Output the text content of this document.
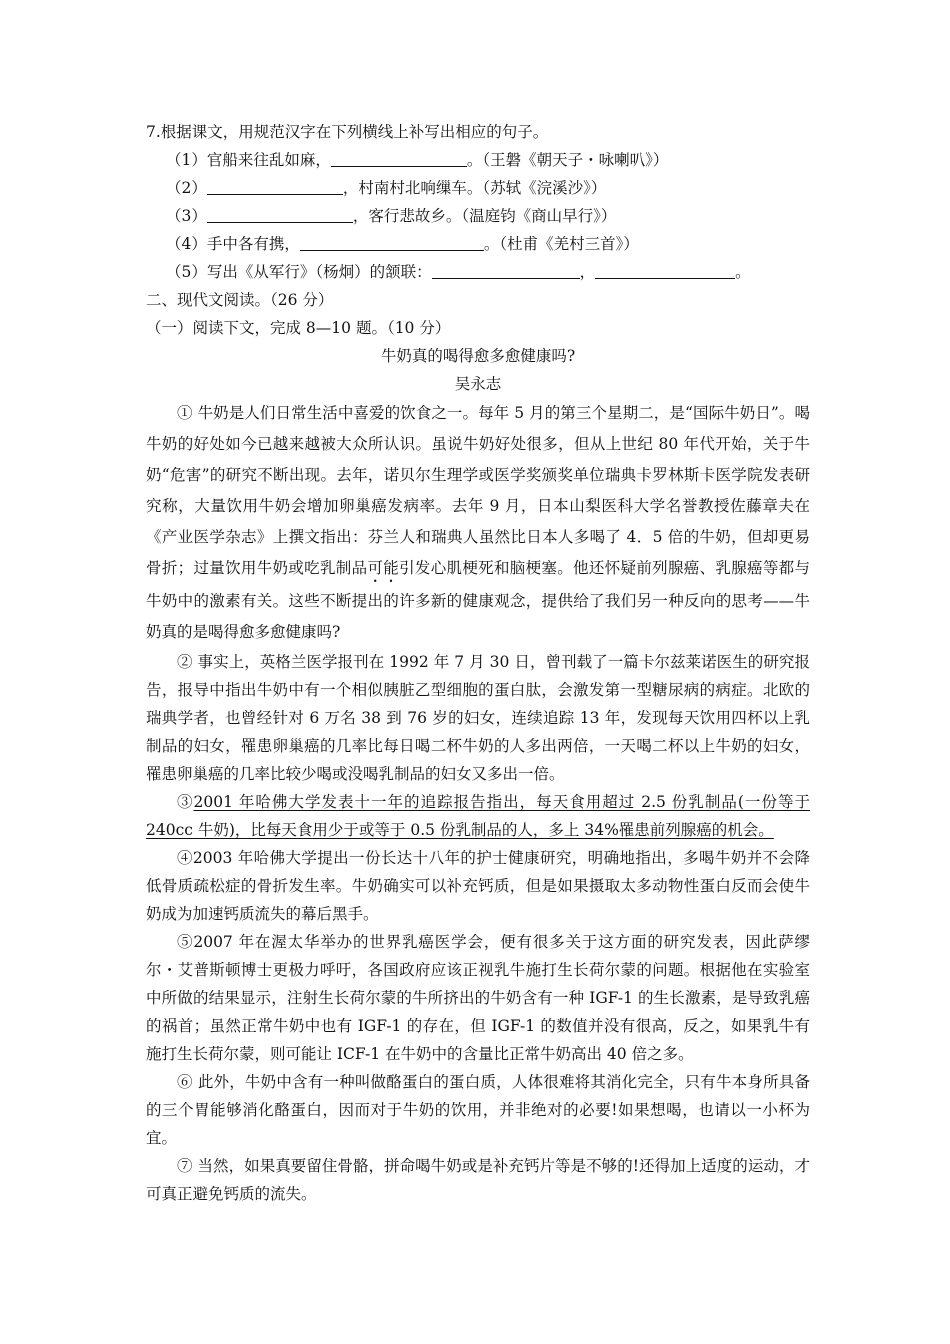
7.根据课文，用规范汉字在下列横线上补写出相应的句子。
（1）官船来往乱如麻，	。（王磐《朝天子・咏喇叭》）
（2）	，村南村北响缫车。（苏轼《浣溪沙》）
（3）	，客行悲故乡。（温庭钧《商山早行》）
（4）手中各有携，	。（杜甫《羌村三首》）
（5）写出《从军行》（杨炯）的颔联：	，	。
二、现代文阅读。（26 分）
（一）阅读下文，完成 8—10 题。（10 分）
牛奶真的喝得愈多愈健康吗?
吴永志

① 牛奶是人们日常生活中喜爱的饮食之一。每年 5 月的第三个星期二，是“国际牛奶日”。喝牛奶的好处如今已越来越被大众所认识。虽说牛奶好处很多，但从上世纪 80 年代开始，关于牛奶“危害”的研究不断出现。去年，诺贝尔生理学或医学奖颁奖单位瑞典卡罗林斯卡医学院发表研究称，大量饮用牛奶会增加卵巢癌发病率。去年 9 月，日本山梨医科大学名誉教授佐藤章夫在《产业医学杂志》上撰文指出：芬兰人和瑞典人虽然比日本人多喝了 4．5 倍的牛奶，但却更易骨折；过量饮用牛奶或吃乳制品可能引发心肌梗死和脑梗塞。他还怀疑前列腺癌、乳腺癌等都与牛奶中的激素有关。这些不断提出的许多新的健康观念，提供给了我们另一种反向的思考——牛奶真的是喝得愈多愈健康吗?

② 事实上，英格兰医学报刊在 1992 年 7 月 30 日，曾刊载了一篇卡尔兹莱诺医生的研究报告，报导中指出牛奶中有一个相似胰脏乙型细胞的蛋白肽，会激发第一型糖尿病的病症。北欧的瑞典学者，也曾经针对 6 万名 38 到 76 岁的妇女，连续追踪 13 年，发现每天饮用四杯以上乳制品的妇女，罹患卵巢癌的几率比每日喝二杯牛奶的人多出两倍，一天喝二杯以上牛奶的妇女，罹患卵巢癌的几率比较少喝或没喝乳制品的妇女又多出一倍。

③2001 年哈佛大学发表十一年的追踪报告指出，每天食用超过 2.5 份乳制品(一份等于 240cc 牛奶)，比每天食用少于或等于 0.5 份乳制品的人，多上 34%罹患前列腺癌的机会。

④2003 年哈佛大学提出一份长达十八年的护士健康研究，明确地指出，多喝牛奶并不会降低骨质疏松症的骨折发生率。牛奶确实可以补充钙质，但是如果摄取太多动物性蛋白反而会使牛奶成为加速钙质流失的幕后黑手。

⑤2007 年在渥太华举办的世界乳癌医学会，便有很多关于这方面的研究发表，因此萨缪尔・艾普斯顿博士更极力呼吁，各国政府应该正视乳牛施打生长荷尔蒙的问题。根据他在实验室中所做的结果显示，注射生长荷尔蒙的牛所挤出的牛奶含有一种 IGF-1 的生长激素，是导致乳癌的祸首；虽然正常牛奶中也有 IGF-1 的存在，但 IGF-1 的数值并没有很高，反之，如果乳牛有施打生长荷尔蒙，则可能让 ICF-1 在牛奶中的含量比正常牛奶高出 40 倍之多。

⑥ 此外，牛奶中含有一种叫做酪蛋白的蛋白质，人体很难将其消化完全，只有牛本身所具备的三个胃能够消化酪蛋白，因而对于牛奶的饮用，并非绝对的必要!如果想喝，也请以一小杯为宜。

⑦ 当然，如果真要留住骨骼，拼命喝牛奶或是补充钙片等是不够的!还得加上适度的运动，才可真正避免钙质的流失。
